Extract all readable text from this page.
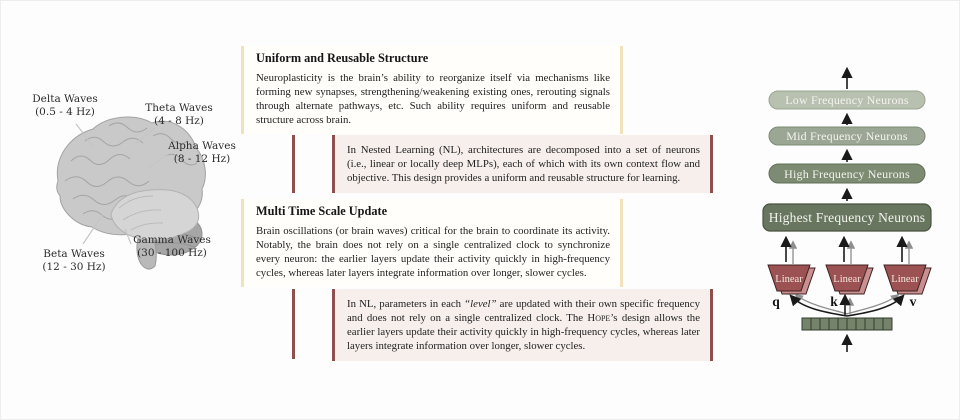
Delta Waves
(0.5 - 4 Hz)	Theta Waves
(4 - 8 Hz)
Alpha Waves
(8 - 12 Hz)
Beta Waves
(12 - 30 Hz)
Gamma Waves
(30 - 100 Hz)
Uniform and Reusable Structure
Neuroplasticity is the brain’s ability to reorganize itself via mechanisms like forming new synapses, strengthening/weakening existing ones, rerouting signals through alternate pathways, etc. Such ability requires uniform and reusable structure across brain.
In Nested Learning (NL), architectures are decomposed into a set of neurons (i.e., linear or locally deep MLPs), each of which with its own context flow and objective. This design provides a uniform and reusable structure for learning.
Multi Time Scale Update
Brain oscillations (or brain waves) critical for the brain to coordinate its activity. Notably, the brain does not rely on a single centralized clock to synchronize every neuron: the earlier layers update their activity quickly in high-frequency cycles, whereas later layers integrate information over longer, slower cycles.
In NL, parameters in each “level” are updated with their own specific frequency and does not rely on a single centralized clock. The Hope’s design allows the earlier layers update their activity quickly in high-frequency cycles, whereas later layers integrate information over longer, slower cycles.
Low Frequency Neurons
Mid Frequency Neurons
High Frequency Neurons
Highest Frequency Neurons
Linear	Linear	Linear
q	k	v
